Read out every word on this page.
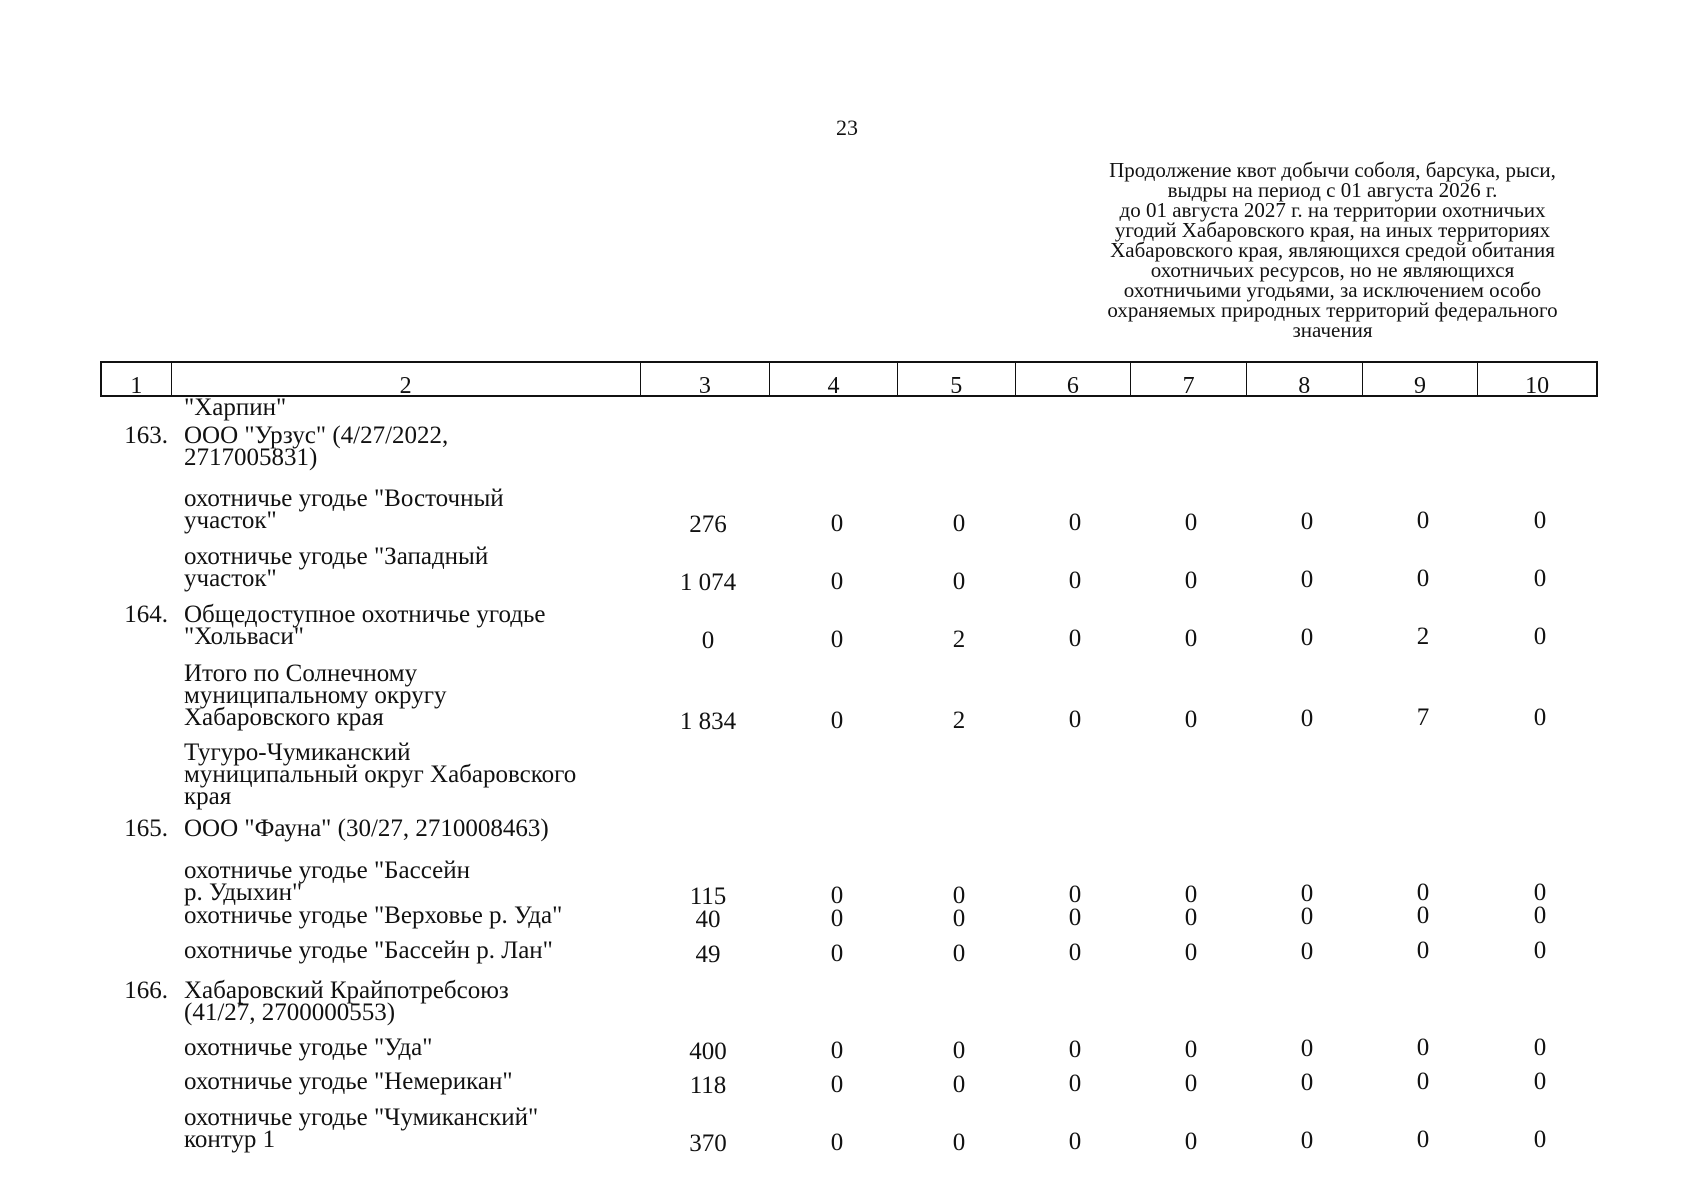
23
Продолжение квот добычи соболя, барсука, рыси,
выдры на период с 01 августа 2026 г.
до 01 августа 2027 г. на территории охотничьих
угодий Хабаровского края, на иных территориях
Хабаровского края, являющихся средой обитания
охотничьих ресурсов, но не являющихся
охотничьими угодьями, за исключением особо
охраняемых природных территорий федерального
значения
1	2	3	4	5	6	7	8	9	10
"Харпин"
163. ООО "Урзус" (4/27/2022,
2717005831)
охотничье угодье "Восточный
участок"	276	0	0	0	0	0	0	0
охотничье угодье "Западный
участок"	1 074	0	0	0	0	0	0	0
164. Общедоступное охотничье угодье
"Хольваси"	0	0	2	0	0	0	2	0
Итого по Солнечному
муниципальному округу
Хабаровского края	1 834	0	2	0	0	0	7	0
Тугуро-Чумиканский
муниципальный округ Хабаровского
края
165. ООО "Фауна" (30/27, 2710008463)
охотничье угодье "Бассейн
р. Удыхин"	115	0	0	0	0	0	0	0
охотничье угодье "Верховье р. Уда"	40	0	0	0	0	0	0	0
охотничье угодье "Бассейн р. Лан"	49	0	0	0	0	0	0	0
166. Хабаровский Крайпотребсоюз
(41/27, 2700000553)
охотничье угодье "Уда"	400	0	0	0	0	0	0	0
охотничье угодье "Немерикан"	118	0	0	0	0	0	0	0
охотничье угодье "Чумиканский"
контур 1	370	0	0	0	0	0	0	0
